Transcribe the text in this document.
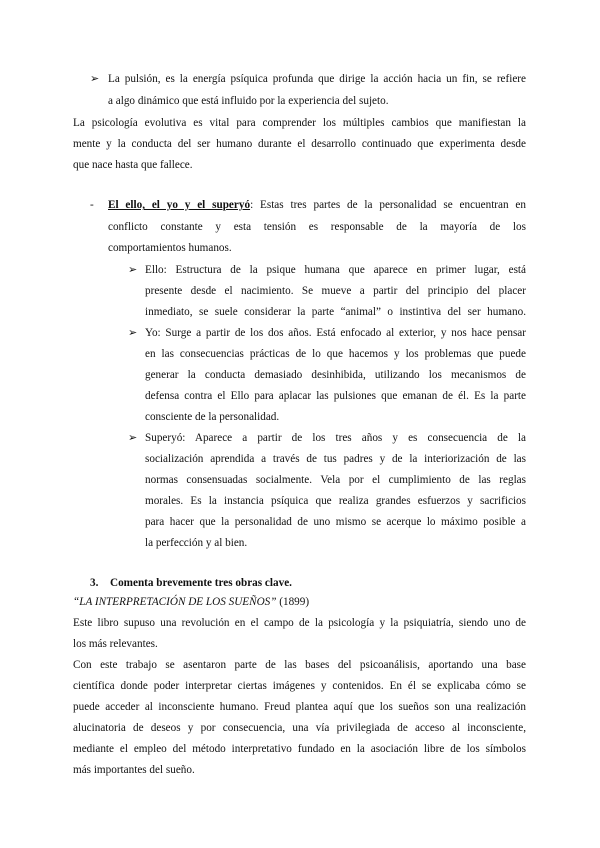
➢ La pulsión, es la energía psíquica profunda que dirige la acción hacia un fin, se refiere
a algo dinámico que está influido por la experiencia del sujeto.
La psicología evolutiva es vital para comprender los múltiples cambios que manifiestan la
mente y la conducta del ser humano durante el desarrollo continuado que experimenta desde
que nace hasta que fallece.
- El ello, el yo y el superyó: Estas tres partes de la personalidad se encuentran en
conflicto constante y esta tensión es responsable de la mayoría de los
comportamientos humanos.
➢ Ello: Estructura de la psique humana que aparece en primer lugar, está
presente desde el nacimiento. Se mueve a partir del principio del placer
inmediato, se suele considerar la parte “animal” o instintiva del ser humano.
➢ Yo: Surge a partir de los dos años. Está enfocado al exterior, y nos hace pensar
en las consecuencias prácticas de lo que hacemos y los problemas que puede
generar la conducta demasiado desinhibida, utilizando los mecanismos de
defensa contra el Ello para aplacar las pulsiones que emanan de él. Es la parte
consciente de la personalidad.
➢ Superyó: Aparece a partir de los tres años y es consecuencia de la
socialización aprendida a través de tus padres y de la interiorización de las
normas consensuadas socialmente. Vela por el cumplimiento de las reglas
morales. Es la instancia psíquica que realiza grandes esfuerzos y sacrificios
para hacer que la personalidad de uno mismo se acerque lo máximo posible a
la perfección y al bien.
3. Comenta brevemente tres obras clave.
“LA INTERPRETACIÓN DE LOS SUEÑOS” (1899)
Este libro supuso una revolución en el campo de la psicología y la psiquiatría, siendo uno de
los más relevantes.
Con este trabajo se asentaron parte de las bases del psicoanálisis, aportando una base
científica donde poder interpretar ciertas imágenes y contenidos. En él se explicaba cómo se
puede acceder al inconsciente humano. Freud plantea aquí que los sueños son una realización
alucinatoria de deseos y por consecuencia, una vía privilegiada de acceso al inconsciente,
mediante el empleo del método interpretativo fundado en la asociación libre de los símbolos
más importantes del sueño.
